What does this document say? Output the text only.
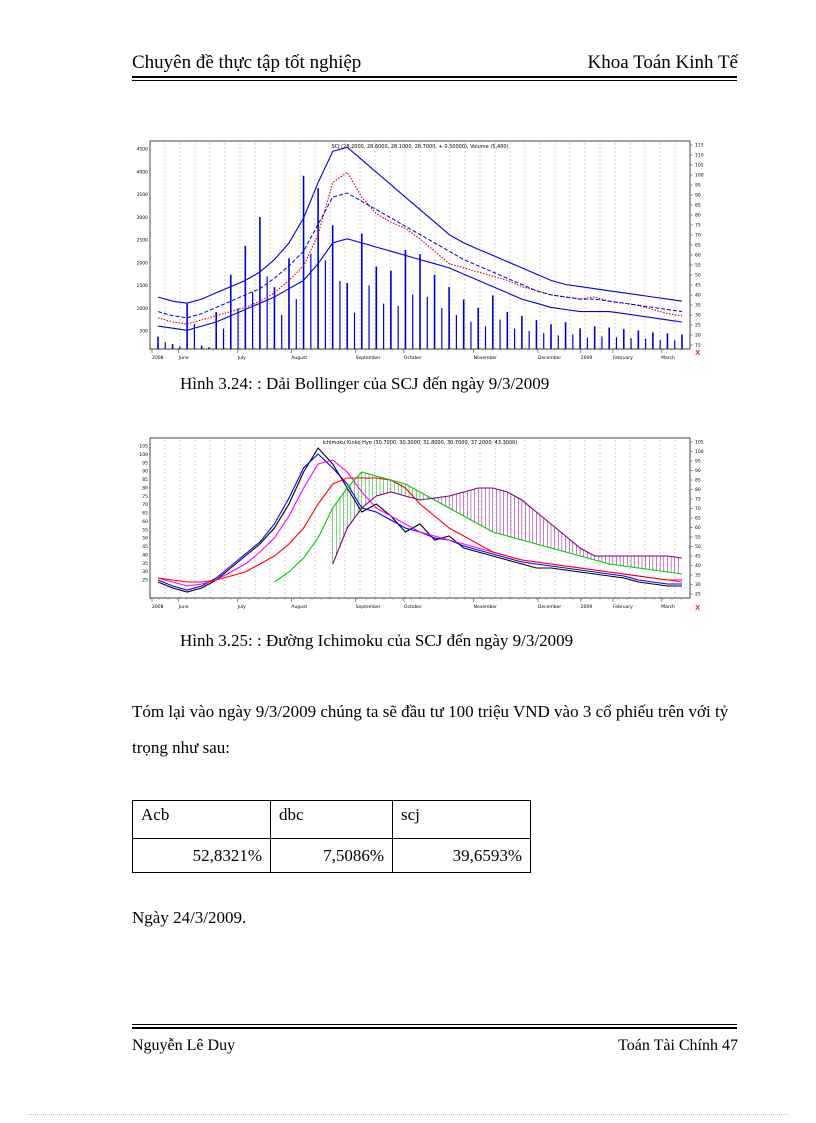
Chuyên đề thực tập tốt nghiệp	Khoa Toán Kinh Tế
SCJ (28.2000, 28.6000, 28.1000, 28.7000, + 0.50000), Volume (5,400)
4500
4000
3500
3000
2500
2000
1500
1000
500
115
110
105
100
95
90
85
80
75
70
65
60
55
50
45
40
35
30
25
20
15
2008	June	July	August	September	October	November	December	2009	February	March
x
Hình 3.24: : Dải Bollinger của SCJ đến ngày 9/3/2009
Ichimoku Kinko Hyo (30.7000, 30.3000, 31.8000, 30.7000, 37.2000, 43.3000)
105
100
95
90
85
80
75
70
65
60
55
50
45
40
35
30
25
105
100
95
90
85
80
75
70
65
60
55
50
45
40
35
30
25
2008	June	July	August	September	October	November	December	2009	February	March x
Hình 3.25: : Đường Ichimoku của SCJ đến ngày 9/3/2009
Tóm lại vào ngày 9/3/2009 chúng ta sẽ đầu tư 100 triệu VND vào 3 cổ phiếu trên với tỷ trọng như sau:
Acb	dbc	scj
52,8321%	7,5086%	39,6593%
Ngày 24/3/2009.
Nguyễn Lê Duy	Toán Tài Chính 47
